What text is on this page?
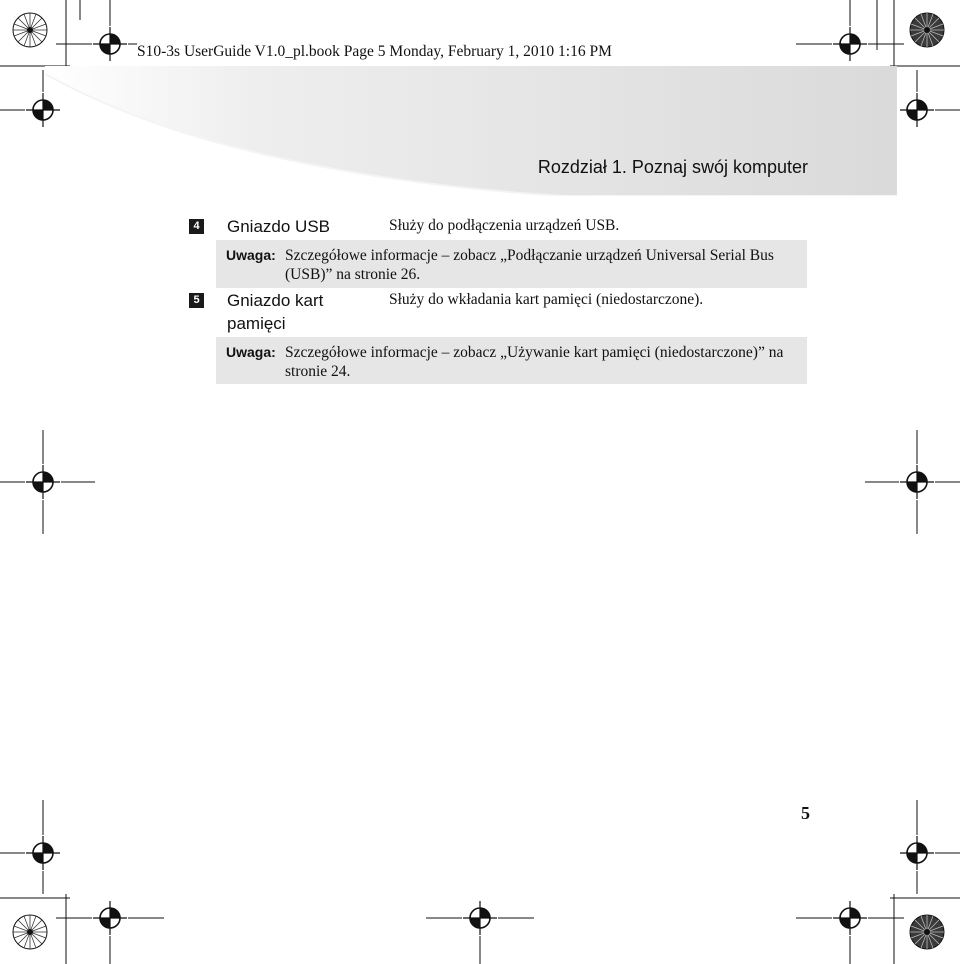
S10-3s UserGuide V1.0_pl.book Page 5 Monday, February 1, 2010 1:16 PM
Rozdział 1. Poznaj swój komputer
4 Gniazdo USB	Służy do podłączenia urządzeń USB.
Uwaga: Szczegółowe informacje – zobacz „Podłączanie urządzeń Universal Serial Bus (USB)” na stronie 26.
5 Gniazdo kart pamięci
Służy do wkładania kart pamięci (niedostarczone).
Uwaga: Szczegółowe informacje – zobacz „Używanie kart pamięci (niedostarczone)” na stronie 24.
5
